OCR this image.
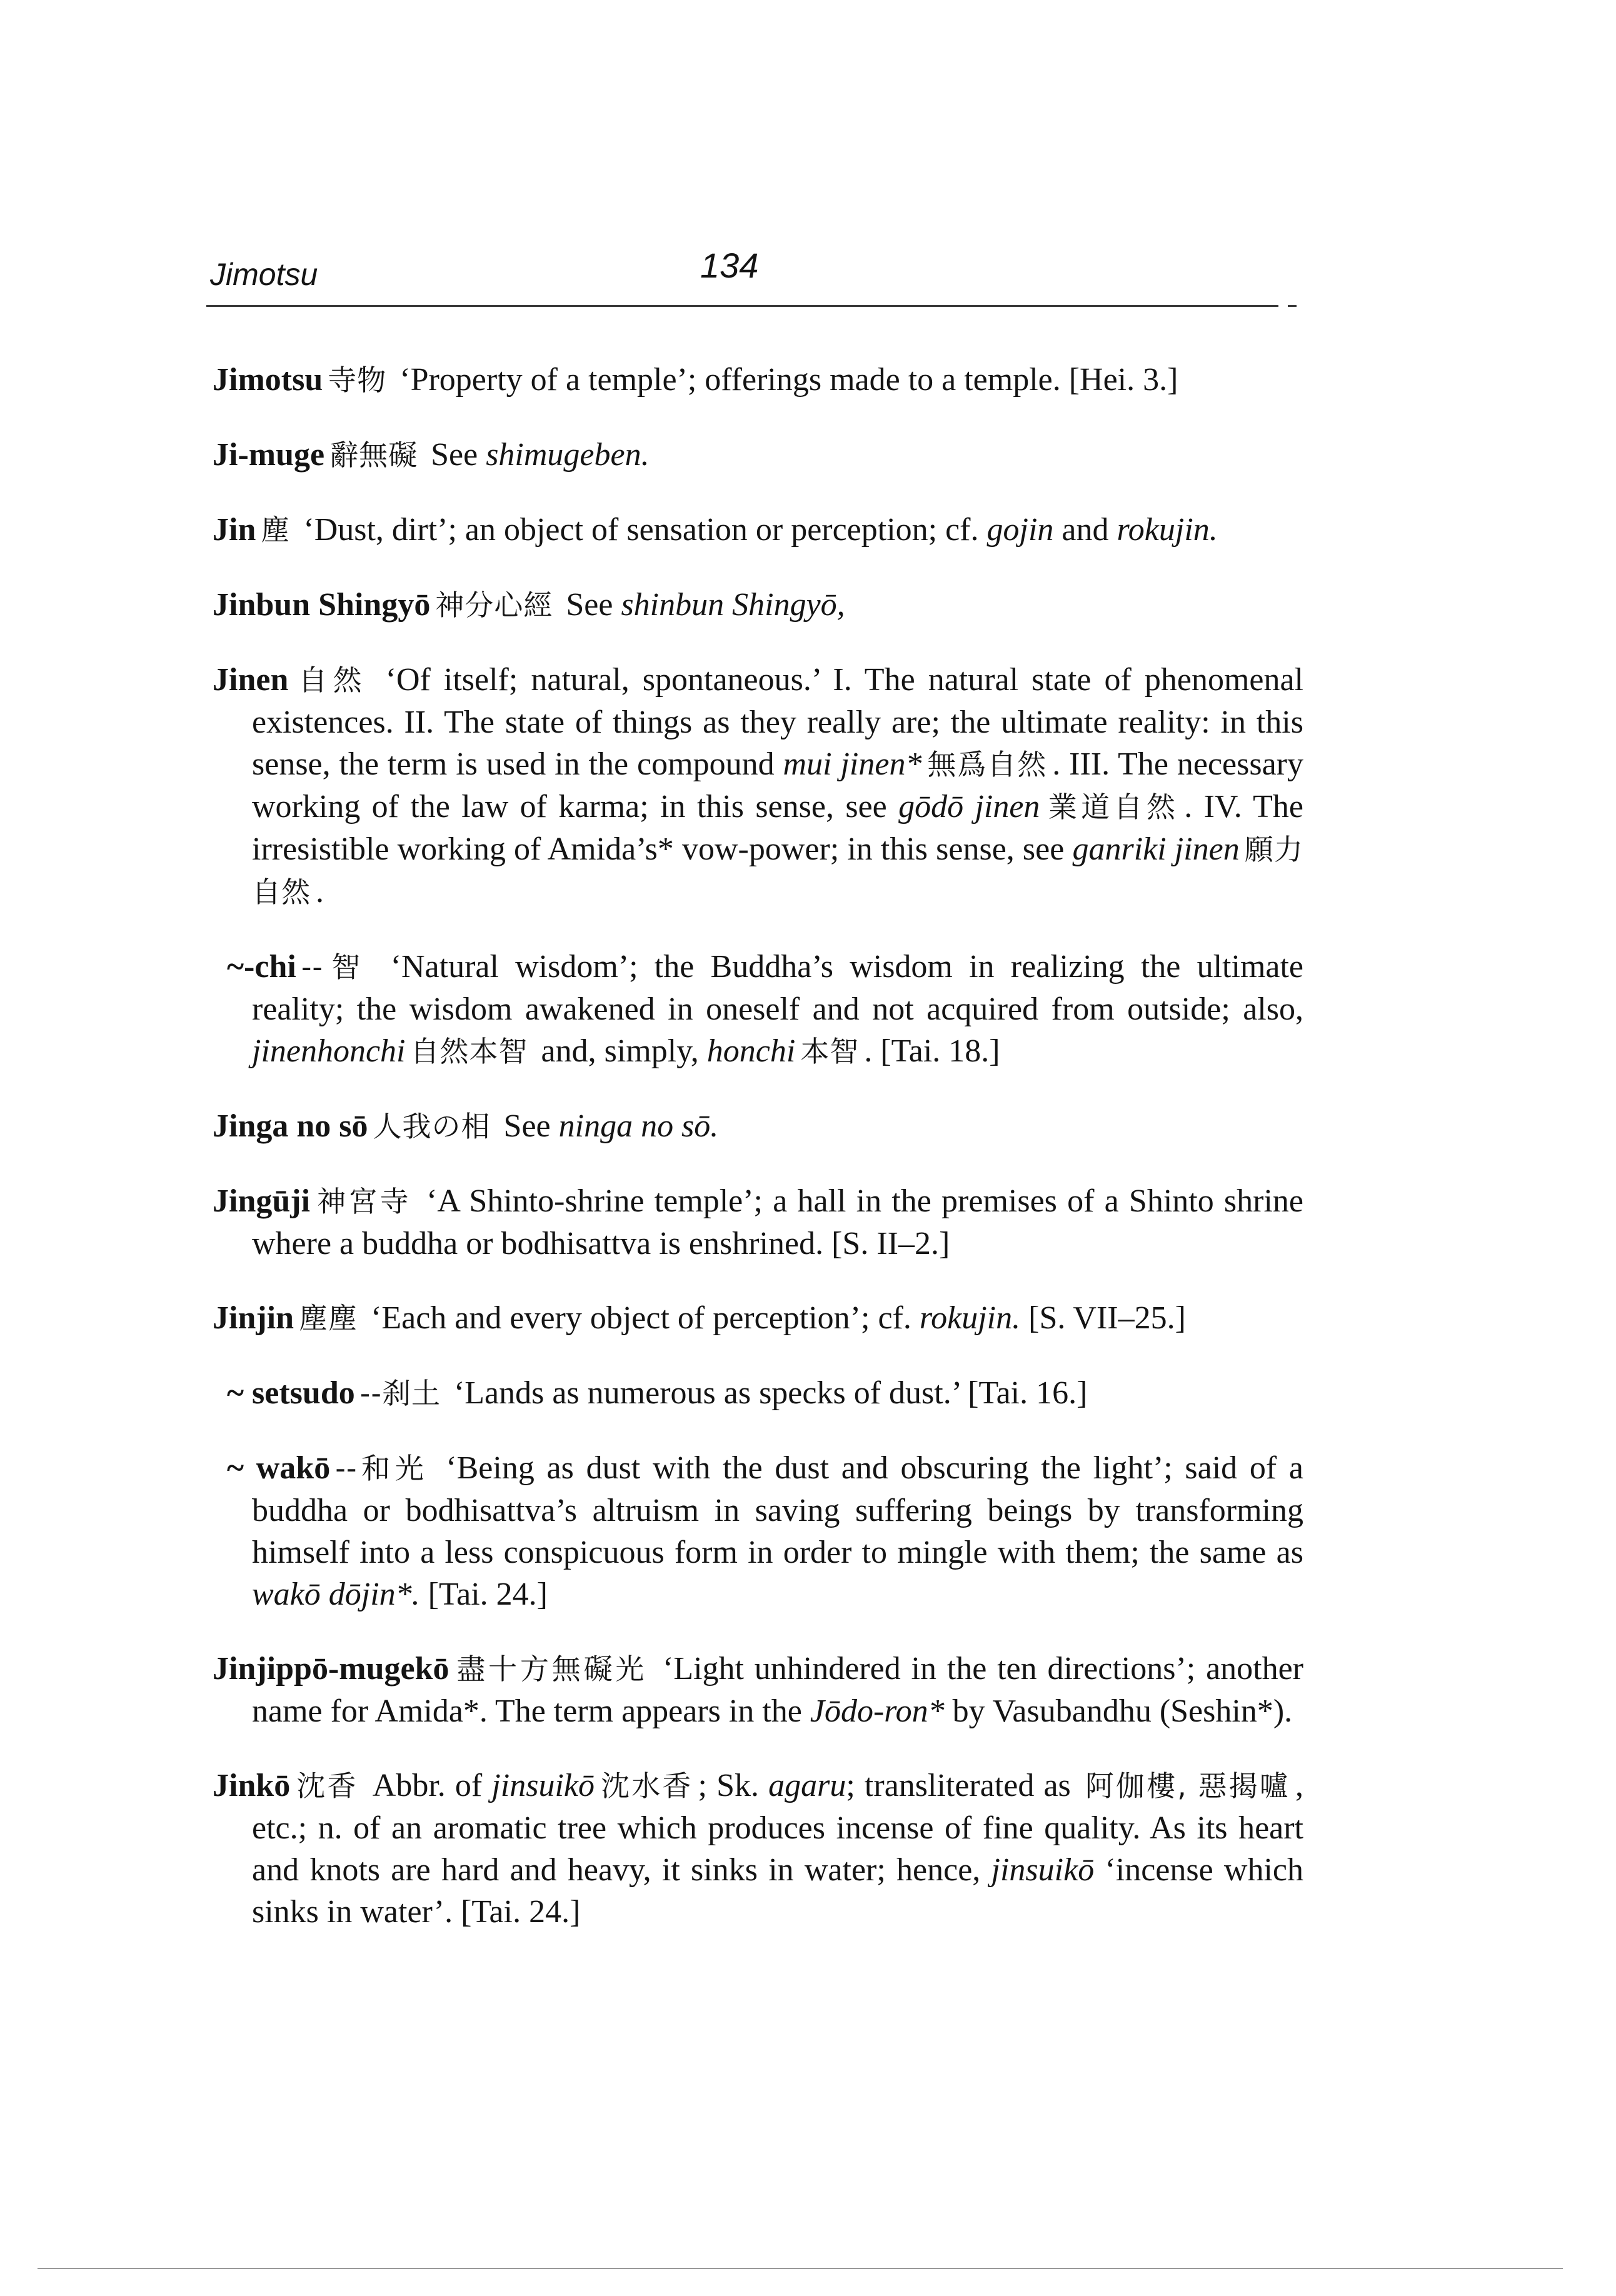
Jimotsu	134

Jimotsu 寺物 ‘Property of a temple’; offerings made to a temple. [Hei. 3.]

Ji-muge 辭無礙 See shimugeben.

Jin 塵 ‘Dust, dirt’; an object of sensation or perception; cf. gojin and rokujin.

Jinbun Shingyō 神分心經 See shinbun Shingyō,

Jinen 自然 ‘Of itself; natural, spontaneous.’ I. The natural state of phenomenal existences. II. The state of things as they really are; the ultimate reality: in this sense, the term is used in the compound mui jinen* 無爲自然 . III. The necessary working of the law of karma; in this sense, see gōdō jinen 業道自然 . IV. The irresistible working of Amida’s* vow-power; in this sense, see ganriki jinen 願力自然 .

~-chi --智 ‘Natural wisdom’; the Buddha’s wisdom in realizing the ultimate reality; the wisdom awakened in oneself and not acquired from outside; also, jinenhonchi 自然本智 and, simply, honchi 本智 . [Tai. 18.]

Jinga no sō 人我の相 See ninga no sō.

Jingūji 神宮寺 ‘A Shinto-shrine temple’; a hall in the premises of a Shinto shrine where a buddha or bodhisattva is enshrined. [S. II–2.]

Jinjin 塵塵 ‘Each and every object of perception’; cf. rokujin. [S. VII–25.]

~ setsudo --刹土 ‘Lands as numerous as specks of dust.’ [Tai. 16.]

~ wakō --和光 ‘Being as dust with the dust and obscuring the light’; said of a buddha or bodhisattva’s altruism in saving suffering beings by transforming himself into a less conspicuous form in order to mingle with them; the same as wakō dōjin*. [Tai. 24.]

Jinjippō-mugekō 盡十方無礙光 ‘Light unhindered in the ten directions’; another name for Amida*. The term appears in the Jōdo-ron* by Vasubandhu (Seshin*).

Jinkō 沈香 Abbr. of jinsuikō 沈水香 ; Sk. agaru; transliterated as 阿伽樓, 惡揭嚧 , etc.; n. of an aromatic tree which produces incense of fine quality. As its heart and knots are hard and heavy, it sinks in water; hence, jinsuikō ‘incense which sinks in water’. [Tai. 24.]
